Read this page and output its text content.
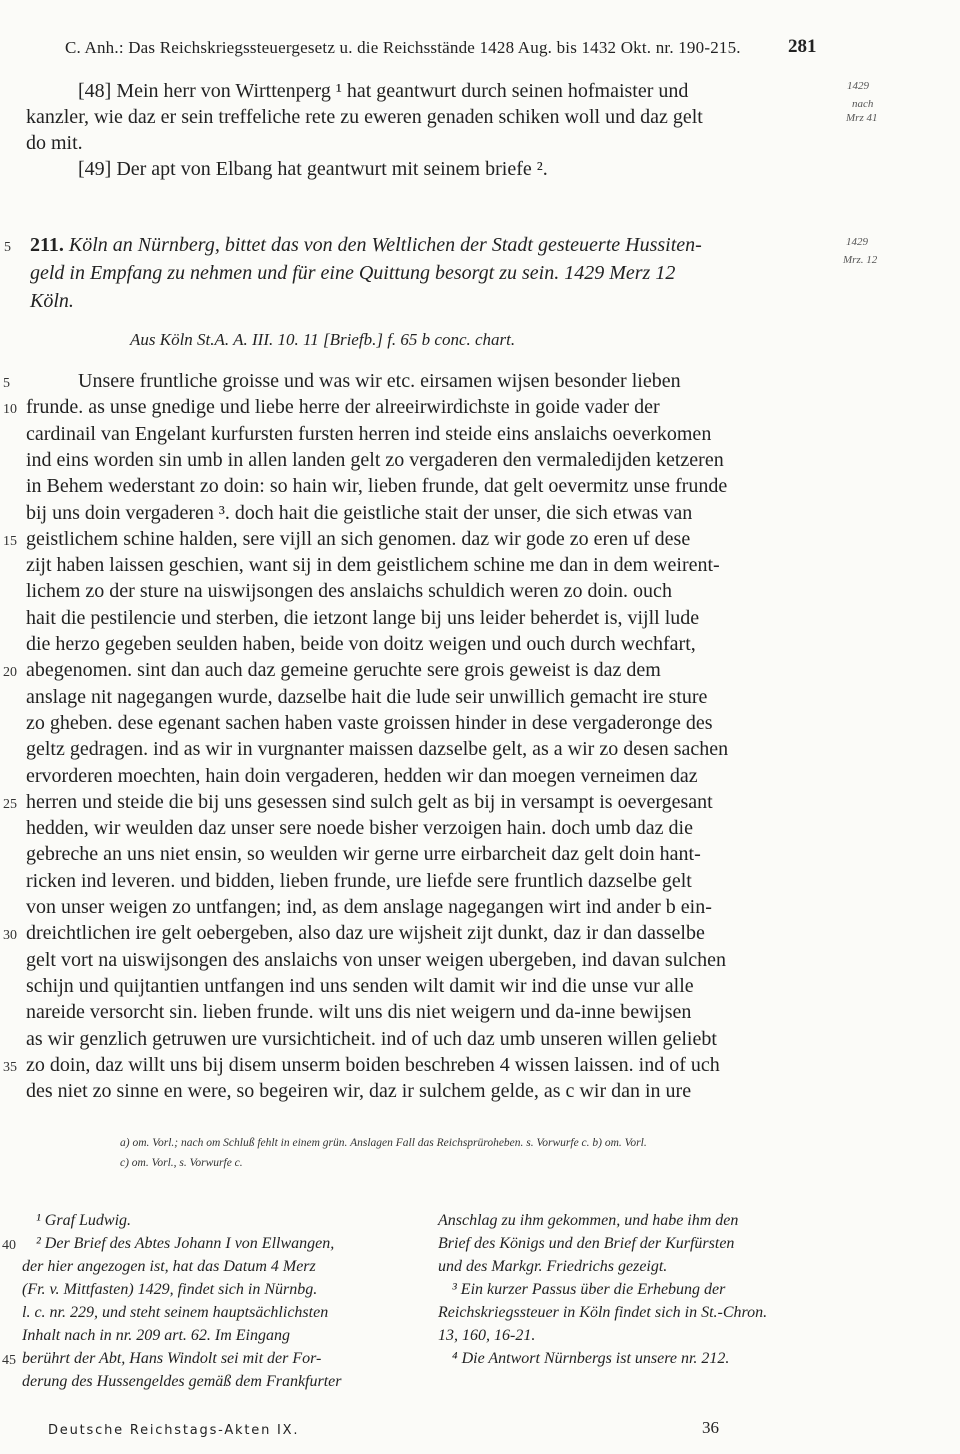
C. Anh.: Das Reichskriegssteuergesetz u. die Reichsstände 1428 Aug. bis 1432 Okt. nr. 190-215. 281
[48] Mein herr von Wirttenperg ¹ hat geantwurt durch seinen hofmaister und
kanzler, wie daz er sein treffeliche rete zu eweren genaden schiken woll und daz gelt
do mit.
[49] Der apt von Elbang hat geantwurt mit seinem briefe ².
1429
nach
Mrz 41
5 211. Köln an Nürnberg, bittet das von den Weltlichen der Stadt gesteuerte Hussiten-
geld in Empfang zu nehmen und für eine Quittung besorgt zu sein. 1429 Merz 12
Köln.
1429
Mrz. 12
Aus Köln St.A. A. III. 10. 11 [Briefb.] f. 65 b conc. chart.
Unsere fruntliche groisse und was wir etc. eirsamen wijsen besonder lieben
frunde. as unse gnedige und liebe herre der alreeirwirdichste in goide vader der
cardinail van Engelant kurfursten fursten herren ind steide eins anslaichs oeverkomen
ind eins worden sin umb in allen landen gelt zo vergaderen den vermaledijden ketzeren
in Behem wederstant zo doin: so hain wir, lieben frunde, dat gelt oevermitz unse frunde
bij uns doin vergaderen ³. doch hait die geistliche stait der unser, die sich etwas van
geistlichem schine halden, sere vijll an sich genomen. daz wir gode zo eren uf dese
zijt haben laissen geschien, want sij in dem geistlichem schine me dan in dem weirent-
lichem zo der sture na uiswijsongen des anslaichs schuldich weren zo doin. ouch
hait die pestilencie und sterben, die ietzont lange bij uns leider beherdet is, vijll lude
die herzo gegeben seulden haben, beide von doitz weigen und ouch durch wechfart,
abegenomen. sint dan auch daz gemeine geruchte sere grois geweist is daz dem
anslage nit nagegangen wurde, dazselbe hait die lude seir unwillich gemacht ire sture
zo gheben. dese egenant sachen haben vaste groissen hinder in dese vergaderonge des
geltz gedragen. ind as wir in vurgnanter maissen dazselbe gelt, as a wir zo desen sachen
ervorderen moechten, hain doin vergaderen, hedden wir dan moegen verneimen daz
herren und steide die bij uns gesessen sind sulch gelt as bij in versampt is oevergesant
hedden, wir weulden daz unser sere noede bisher verzoigen hain. doch umb daz die
gebreche an uns niet ensin, so weulden wir gerne urre eirbarcheit daz gelt doin hant-
ricken ind leveren. und bidden, lieben frunde, ure liefde sere fruntlich dazselbe gelt
von unser weigen zo untfangen; ind, as dem anslage nagegangen wirt ind ander b ein-
dreichtlichen ire gelt oebergeben, also daz ure wijsheit zijt dunkt, daz ir dan dasselbe
gelt vort na uiswijsongen des anslaichs von unser weigen ubergeben, ind davan sulchen
schijn und quijtantien untfangen ind uns senden wilt damit wir ind die unse vur alle
nareide versorcht sin. lieben frunde. wilt uns dis niet weigern und da-inne bewijsen
as wir genzlich getruwen ure vursichticheit. ind of uch daz umb unseren willen geliebt
zo doin, daz willt uns bij disem unserm boiden beschreben 4 wissen laissen. ind of uch
des niet zo sinne en were, so begeiren wir, daz ir sulchem gelde, as c wir dan in ure
5
10
15
20
25
30
35
a) om. Vorl.; nach om Schluß fehlt in einem grün. Anslagen Fall das Reichsprüroheben. s. Vorwurfe c. b) om. Vorl.
c) om. Vorl., s. Vorwurfe c.
¹ Graf Ludwig.
² Der Brief des Abtes Johann I von Ellwangen,
der hier angezogen ist, hat das Datum 4 Merz
(Fr. v. Mittfasten) 1429, findet sich in Nürnbg.
l. c. nr. 229, und steht seinem hauptsächlichsten
Inhalt nach in nr. 209 art. 62. Im Eingang
berührt der Abt, Hans Windolt sei mit der For-
derung des Hussengeldes gemäß dem Frankfurter
Anschlag zu ihm gekommen, und habe ihm den
Brief des Königs und den Brief der Kurfürsten
und des Markgr. Friedrichs gezeigt.
³ Ein kurzer Passus über die Erhebung der
Reichskriegssteuer in Köln findet sich in St.-Chron.
13, 160, 16-21.
⁴ Die Antwort Nürnbergs ist unsere nr. 212.
40
45
Deutsche Reichstags-Akten IX.	36
